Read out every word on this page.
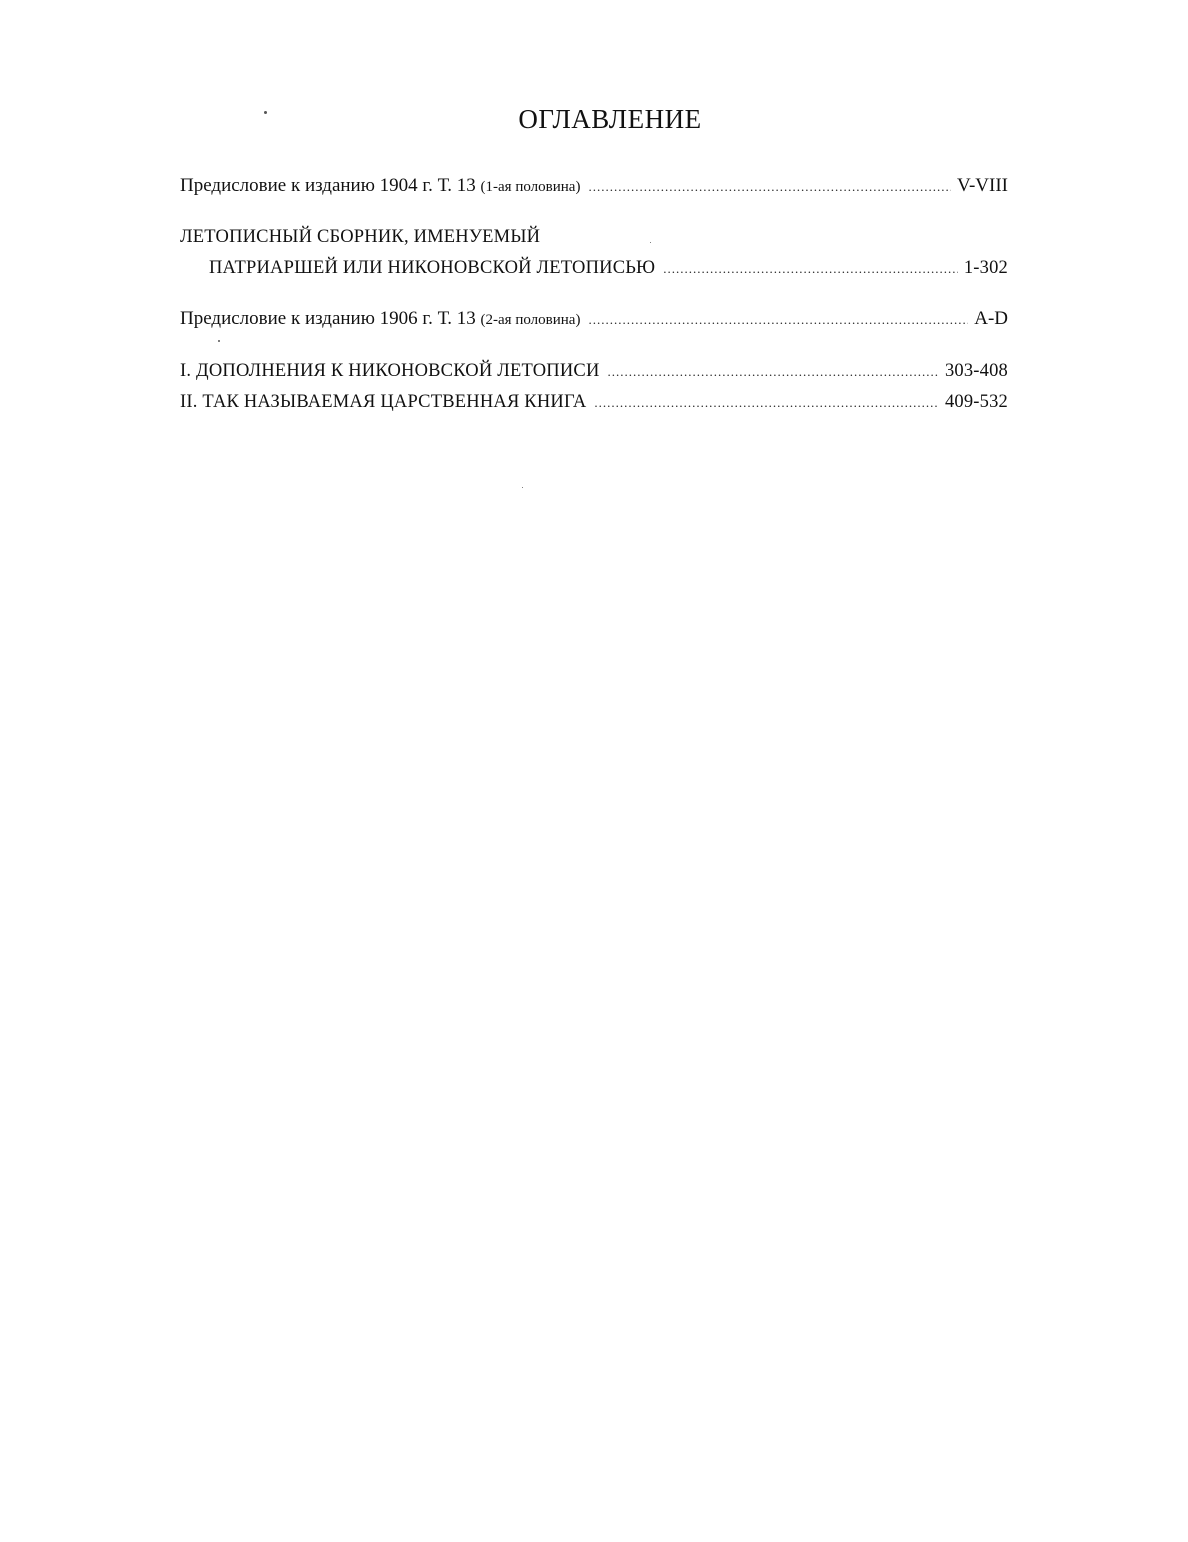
ОГЛАВЛЕНИЕ
Предисловие к изданию 1904 г. Т. 13 (1-ая половина) .....	V-VIII
ЛЕТОПИСНЫЙ СБОРНИК, ИМЕНУЕМЫЙ
ПАТРИАРШЕЙ ИЛИ НИКОНОВСКОЙ ЛЕТОПИСЬЮ .....	1-302
Предисловие к изданию 1906 г. Т. 13 (2-ая половина) .....	A-D
I. ДОПОЛНЕНИЯ К НИКОНОВСКОЙ ЛЕТОПИСИ .....	303-408
II. ТАК НАЗЫВАЕМАЯ ЦАРСТВЕННАЯ КНИГА .....	409-532
